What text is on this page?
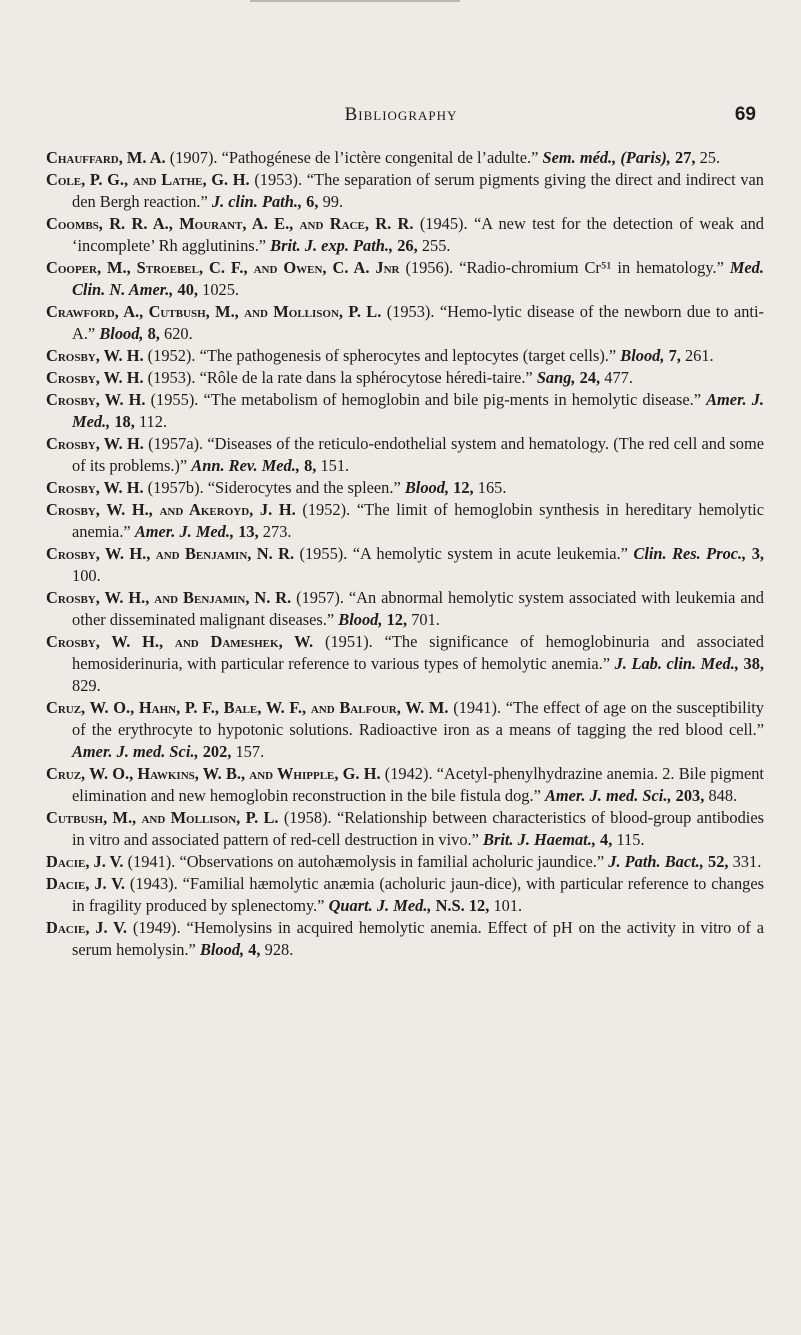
Bibliography	69

Chauffard, M. A. (1907). “Pathogénese de l’ictère congenital de l’adulte.” Sem. méd., (Paris), 27, 25.

Cole, P. G., and Lathe, G. H. (1953). “The separation of serum pigments giving the direct and indirect van den Bergh reaction.” J. clin. Path., 6, 99.

Coombs, R. R. A., Mourant, A. E., and Race, R. R. (1945). “A new test for the detection of weak and ‘incomplete’ Rh agglutinins.” Brit. J. exp. Path., 26, 255.

Cooper, M., Stroebel, C. F., and Owen, C. A. Jnr (1956). “Radio-chromium Cr⁵¹ in hematology.” Med. Clin. N. Amer., 40, 1025.

Crawford, A., Cutbush, M., and Mollison, P. L. (1953). “Hemo-lytic disease of the newborn due to anti-A.” Blood, 8, 620.

Crosby, W. H. (1952). “The pathogenesis of spherocytes and leptocytes (target cells).” Blood, 7, 261.

Crosby, W. H. (1953). “Rôle de la rate dans la sphérocytose héredi-taire.” Sang, 24, 477.

Crosby, W. H. (1955). “The metabolism of hemoglobin and bile pig-ments in hemolytic disease.” Amer. J. Med., 18, 112.

Crosby, W. H. (1957a). “Diseases of the reticulo-endothelial system and hematology. (The red cell and some of its problems.)” Ann. Rev. Med., 8, 151.

Crosby, W. H. (1957b). “Siderocytes and the spleen.” Blood, 12, 165.

Crosby, W. H., and Akeroyd, J. H. (1952). “The limit of hemoglobin synthesis in hereditary hemolytic anemia.” Amer. J. Med., 13, 273.

Crosby, W. H., and Benjamin, N. R. (1955). “A hemolytic system in acute leukemia.” Clin. Res. Proc., 3, 100.

Crosby, W. H., and Benjamin, N. R. (1957). “An abnormal hemolytic system associated with leukemia and other disseminated malignant diseases.” Blood, 12, 701.

Crosby, W. H., and Dameshek, W. (1951). “The significance of hemoglobinuria and associated hemosiderinuria, with particular reference to various types of hemolytic anemia.” J. Lab. clin. Med., 38, 829.

Cruz, W. O., Hahn, P. F., Bale, W. F., and Balfour, W. M. (1941). “The effect of age on the susceptibility of the erythrocyte to hypotonic solutions. Radioactive iron as a means of tagging the red blood cell.” Amer. J. med. Sci., 202, 157.

Cruz, W. O., Hawkins, W. B., and Whipple, G. H. (1942). “Acetyl-phenylhydrazine anemia. 2. Bile pigment elimination and new hemoglobin reconstruction in the bile fistula dog.” Amer. J. med. Sci., 203, 848.

Cutbush, M., and Mollison, P. L. (1958). “Relationship between characteristics of blood-group antibodies in vitro and associated pattern of red-cell destruction in vivo.” Brit. J. Haemat., 4, 115.

Dacie, J. V. (1941). “Observations on autohæmolysis in familial acholuric jaundice.” J. Path. Bact., 52, 331.

Dacie, J. V. (1943). “Familial hæmolytic anæmia (acholuric jaun-dice), with particular reference to changes in fragility produced by splenectomy.” Quart. J. Med., N.S. 12, 101.

Dacie, J. V. (1949). “Hemolysins in acquired hemolytic anemia. Effect of pH on the activity in vitro of a serum hemolysin.” Blood, 4, 928.
